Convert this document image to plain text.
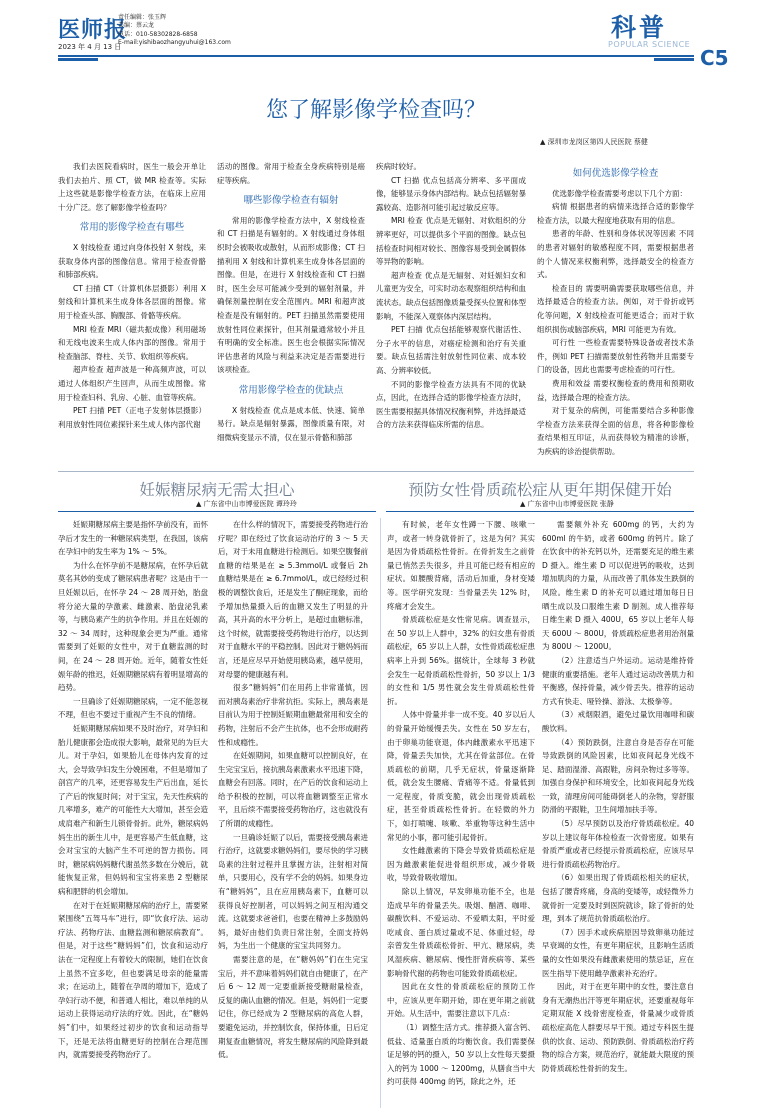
医师报
责任编辑：张玉辉
美编：蔡云龙
电话：010-58302828-6858
E-mail:yishibaozhangyuhui@163.com
2023 年 4 月 13 日
科普
POPULAR SCIENCE
C5
您了解影像学检查吗？
▲ 深圳市龙岗区第四人民医院 蔡健

我们去医院看病时，医生一般会开单让我们去拍片、照 CT，做 MR 检查等。实际上这些就是影像学检查方法，在临床上应用十分广泛。您了解影像学检查吗？

常用的影像学检查有哪些

X 射线检查 通过向身体投射 X 射线，来获取身体内部的图像信息。常用于检查骨骼和肺部疾病。

CT 扫描 CT（计算机体层摄影）利用 X 射线和计算机来生成身体各层面的图像。常用于检查头部、胸腹部、骨骼等疾病。

MRI 检查 MRI（磁共振成像）利用磁场和无线电波来生成人体内部的图像。常用于检查脑部、脊柱、关节、软组织等疾病。

超声检查 超声波是一种高频声波，可以通过人体组织产生回声，从而生成图像。常用于检查妇科、乳房、心脏、血管等疾病。

PET 扫描 PET（正电子发射体层摄影）利用放射性同位素探针来生成人体内部代谢

活动的图像。常用于检查全身疾病特别是癌症等疾病。

哪些影像学检查有辐射

常用的影像学检查方法中，X 射线检查和 CT 扫描是有辐射的。X 射线通过身体组织时会被吸收或散射，从而形成影像；CT 扫描利用 X 射线和计算机来生成身体各层面的图像。但是，在进行 X 射线检查和 CT 扫描时，医生会尽可能减少受到的辐射剂量，并确保剂量控制在安全范围内。MRI 和超声波检查是没有辐射的。PET 扫描虽然需要使用放射性同位素探针，但其剂量通常较小并且有明确的安全标准。医生也会根据实际情况评估患者的风险与利益来决定是否需要进行该项检查。

常用影像学检查的优缺点

X 射线检查 优点是成本低、快速、简单易行。缺点是辐射暴露，图像质量有限，对细微病变显示不清，仅在显示骨骼和肺部

疾病时较好。

CT 扫描 优点包括高分辨率、多平面成像，能够显示身体内部结构。缺点包括辐射暴露较高、造影剂可能引起过敏反应等。

MRI 检查 优点是无辐射、对软组织的分辨率更好，可以提供多个平面的图像。缺点包括检查时间相对较长、图像容易受到金属假体等异物的影响。

超声检查 优点是无辐射、对妊娠妇女和儿童更为安全，可实时动态观察组织结构和血流状态。缺点包括图像质量受探头位置和体型影响，不能深入观察体内深层结构。

PET 扫描 优点包括能够观察代谢活性、分子水平的信息，对癌症检测和治疗有关重要。缺点包括需注射放射性同位素、成本较高、分辨率较低。

不同的影像学检查方法具有不同的优缺点，因此，在选择合适的影像学检查方法时，医生需要根据具体情况权衡利弊，并选择最适合的方法来获得临床所需的信息。

如何优选影像学检查

优选影像学检查需要考虑以下几个方面：

病情 根据患者的病情来选择合适的影像学检查方法，以最大程度地获取有用的信息。

患者的年龄、性别和身体状况等因素 不同的患者对辐射的敏感程度不同，需要根据患者的个人情况来权衡利弊，选择最安全的检查方式。

检查目的 需要明确需要获取哪些信息，并选择最适合的检查方法。例如，对于骨折或钙化等问题，X 射线检查可能更适合；而对于软组织损伤或脑部疾病，MRI 可能更为有效。

可行性 一些检查需要特殊设备或者技术条件，例如 PET 扫描需要放射性药物并且需要专门的设备，因此也需要考虑检查的可行性。

费用和效益 需要权衡检查的费用和预期收益，选择最合理的检查方法。

对于复杂的病例，可能需要结合多种影像学检查方法来获得全面的信息，将各种影像检查结果相互印证，从而获得较为精准的诊断，为疾病的诊治提供帮助。

妊娠糖尿病无需太担心
▲ 广东省中山市博爱医院 谭玲玲

妊娠期糖尿病主要是指怀孕前没有，而怀孕后才发生的一种糖尿病类型，在我国，该病在孕妇中的发生率为 1% ～ 5%。

为什么在怀孕前不是糖尿病，在怀孕后就莫名其妙的变成了糖尿病患者呢？这是由于一旦妊娠以后，在怀孕 24 ～ 28 周开始，胎盘将分泌大量的孕激素、雌激素、胎盘泌乳素等，与胰岛素产生的抗争作用。并且在妊娠的 32 ～ 34 周时，这种现象会更为严重。通常需要到了妊娠的女性中，对于血糖监测的时间，在 24 ～ 28 周开始。近年，随着女性妊娠年龄的推迟，妊娠期糖尿病有着明显增高的趋势。

一旦确诊了妊娠期糖尿病，一定不能忽视不理，但也不要过于重视产生不良的情绪。

妊娠期糖尿病如果不及时治疗，对孕妇和胎儿健康都会造成很大影响，最常见的为巨大儿。对于孕妇，如果胎儿在母体内发育的过大，会导致孕妇发生分娩困难，不但是增加了剖宫产的几率，还更容易发生产后出血，延长了产后的恢复时间；对于宝宝，先天性疾病的几率增多，难产的可能性大大增加，甚至会造成肩难产和新生儿锁骨骨折。此外，糖尿病妈妈生出的新生儿中，是更容易产生低血糖，这会对宝宝的大脑产生不可逆的智力损伤。同时，糖尿病妈妈糖代谢虽然多数在分娩后，就能恢复正常，但妈妈和宝宝将来患 2 型糖尿病和肥胖的机会增加。

在对于在妊娠期糖尿病的治疗上，需要紧紧围绕“五驾马车”进行，即“饮食疗法、运动疗法、药物疗法、血糖监测和糖尿病教育”。但是，对于这些“糖妈妈”们，饮食和运动疗法在一定程度上有着较大的限制，她们在饮食上虽然不宜多吃，但也要满足母亲的能量需求；在运动上，随着在孕周的增加下，造成了孕妇行动不便，和普通人相比，难以单纯的从运动上获得运动疗法的疗效。因此，在“糖妈妈”们中，如果经过初步的饮食和运动指导下，还是无法将血糖更好的控制在合理范围内，就需要接受药物治疗了。

在什么样的情况下，需要接受药物进行治疗呢？即在经过了饮食运动治疗的 3 ～ 5 天后，对于未用血糖进行检测后。如果空腹餐前血糖的结果是在 ≥ 5.3mmol/L 或餐后 2h 血糖结果是在 ≥ 6.7mmol/L，或已经经过积极的调整饮食后，还是发生了酮症现象，而给予增加热量摄入后的血糖又发生了明显的升高，其升高的水平分析上，是超过血糖标准，这个时候，就需要接受药物进行治疗，以达到对于血糖水平的平稳控制。因此对于糖妈妈而言，还是应尽早开始使用胰岛素，越早使用，对母婴的健康越有利。

很多“糖妈妈”们在用药上非常谨慎，因而对胰岛素治疗非常抗拒。实际上，胰岛素是目前认为用于控制妊娠期血糖最常用和安全的药物，注射后不会产生抗体，也不会形成耐药性和成瘾性。

在妊娠期间，如果血糖可以控制良好，在生完宝宝后，接抗胰岛素激素水平迅速下降，血糖会有回落。同时，在产后的饮食和运动上给予积极的控制，可以将血糖调整至正常水平，且后续不需要接受药物治疗，这也就没有了所谓的成瘾性。

一旦确诊妊娠了以后，需要接受胰岛素进行治疗，这就要求糖妈妈们，要尽快的学习胰岛素的注射过程并且掌握方法，注射相对简单，只要用心，没有学不会的妈妈。如果身边有“糖妈妈”，且在应用胰岛素下，血糖可以获得良好控制者，可以妈妈之间互相沟通交流。这就要求爸爸们，也要在精神上多鼓励妈妈，最好由他们负责日常注射，全面支持妈妈，为生出一个健康的宝宝共同努力。

需要注意的是，在“糖妈妈”们在生完宝宝后，并不意味着妈妈们就自由健康了，在产后 6 ～ 12 周一定要重新接受糖耐量检查，反复的确认血糖的情况。但是，妈妈们一定要记住，你已经成为 2 型糖尿病的高危人群，要避免运动，并控制饮食，保持体重，日后定期复查血糖情况，将发生糖尿病的风险降到最低。

预防女性骨质疏松症从更年期保健开始
▲ 广东省中山市博爱医院 张静

有时候，老年女性蹲一下腰、咳嗽一声，或者一转身就骨折了，这是为何？其实是因为骨质疏松性骨折。在骨折发生之前骨量已悄然丢失很多，并且可能已经有相应的症状。如腰酸背痛，活动后加重，身材变矮等。医学研究发现：当骨量丢失 12% 时，疼痛才会发生。

骨质疏松症是女性常见病。调查显示，在 50 岁以上人群中，32% 的妇女患有骨质疏松症，65 岁以上人群，女性骨质疏松症患病率上升到 56%。据统计，全球每 3 秒就会发生一起骨质疏松性骨折，50 岁以上 1/3 的女性和 1/5 男性就会发生骨质疏松性骨折。

人体中骨量并非一成不变。40 岁以后人的骨量开始缓慢丢失。女性在 50 岁左右，由于卵巢功能衰退，体内雌激素水平迅速下降，骨量丢失加快，尤其在骨盆部位。在骨质疏松的前期，几乎无症状，骨量逐渐降低，就会发生腰痛、背痛等不适。骨量低到一定程度，骨质变脆，就会出现骨质疏松症，甚至骨质疏松性骨折。在轻微的外力下，如打喷嚏、咳嗽、举重物等这种生活中常见的小事，都可能引起骨折。

女性雌激素的下降会导致骨质疏松症是因为雌激素能促进骨组织形成，减少骨吸收，导致骨吸收增加。

除以上情况，早发卵巢功能不全，也是造成早年的骨量丢失。吸烟、酗酒、咖啡、碳酸饮料、不爱运动、不爱晒太阳，平时爱吃咸食、蛋白质过量或不足、体重过轻，母亲曾发生骨质疏松骨折、甲亢、糖尿病，类风湿疾病、糖尿病、慢性肝肾疾病等、某些影响骨代谢的药物也可能致骨质疏松症。

因此在女性的骨质疏松症的预防工作中，应该从更年期开始，即在更年期之前就开始。从生活中，需要注意以下几点：

（1）调整生活方式。推荐摄入富含钙、低盐、适量蛋白质的均衡饮食。我们需要保证足够的钙的摄入，50 岁以上女性每天要摄入的钙为 1000 ～ 1200mg，从膳食当中大约可获得 400mg 的钙，除此之外，还

需要额外补充 600mg 的钙，大约为 600ml 的牛奶，或者 600mg 的钙片。除了在饮食中的补充钙以外，还需要充足的维生素 D 摄入。维生素 D 可以促进钙的吸收，达到增加肌肉的力量，从而改善了肌体发生跌倒的风险。维生素 D 的补充可以通过增加每日日晒生成以及口服维生素 D 制剂。成人推荐每日维生素 D 摄入 400U，65 岁以上老年人每天 600U ～ 800U，骨质疏松症患者用治剂量为 800U ～ 1200U。

（2）注意适当户外运动。运动是维持骨健康的重要措施。老年人通过运动改善肌力和平衡感，保持骨量，减少骨丢失。推荐的运动方式有快走、哑铃操、游泳、太极拳等。

（3）戒烟限酒，避免过量饮用咖啡和碳酸饮料。

（4）预防跌倒，注意自身是否存在可能导致跌倒的风险因素，比如夜间起身光线不足、踏面湿滑、高跟鞋，房间杂物过多等等。加强自身保护和环境安全，比如夜间起身光线一致，清理房间可能碍倒老人的杂物，穿舒服防滑的平跟鞋，卫生间增加扶手等。

（5）尽早预防以及治疗骨质疏松症。40 岁以上建议每年体检检查一次骨密度。如果有骨质严重或者已经提示骨质疏松症，应该尽早进行骨质疏松药物治疗。

（6）如果出现了骨质疏松相关的症状，包括了腰背疼痛，身高的变矮等，或轻微外力就骨折一定要及时到医院就诊，除了骨折的处理，到本了规范抗骨质疏松治疗。

（7）因手术或疾病原因导致卵巢功能过早衰竭的女性，有更年期症状，且影响生活质量的女性如果没有雌激素使用的禁忌证，应在医生指导下使用雌孕激素补充治疗。

因此，对于在更年期中的女性，要注意自身有无潮热出汗等更年期症状，还要重视每年定期双能 X 线骨密度检查，骨量减少或骨质疏松症高危人群要尽早干预。通过专科医生提供的饮食、运动、预防跌倒、骨质疏松治疗药物的综合方案，规范治疗，就能最大限度的预防骨质疏松性骨折的发生。
